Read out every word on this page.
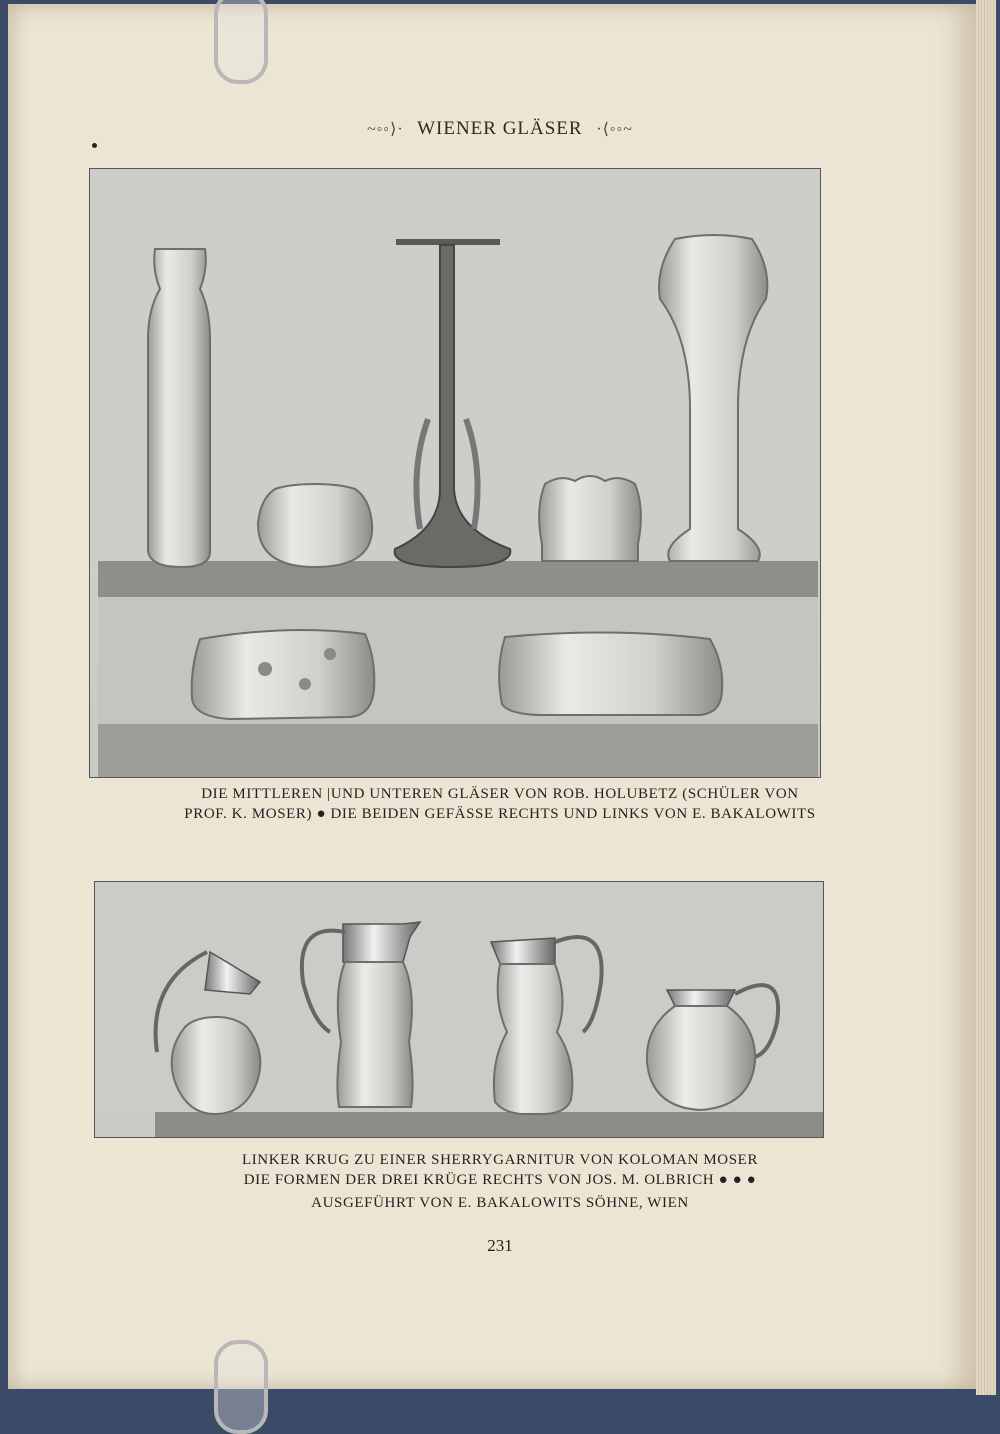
~◦◦⟩· WIENER GLÄSER ·⟨◦◦~
DIE MITTLEREN |UND UNTEREN GLÄSER VON ROB. HOLUBETZ (SCHÜLER VON
PROF. K. MOSER) ● DIE BEIDEN GEFÄSSE RECHTS UND LINKS VON E. BAKALOWITS
LINKER KRUG ZU EINER SHERRYGARNITUR VON KOLOMAN MOSER
DIE FORMEN DER DREI KRÜGE RECHTS VON JOS. M. OLBRICH ● ● ●
AUSGEFÜHRT VON E. BAKALOWITS SÖHNE, WIEN
231
